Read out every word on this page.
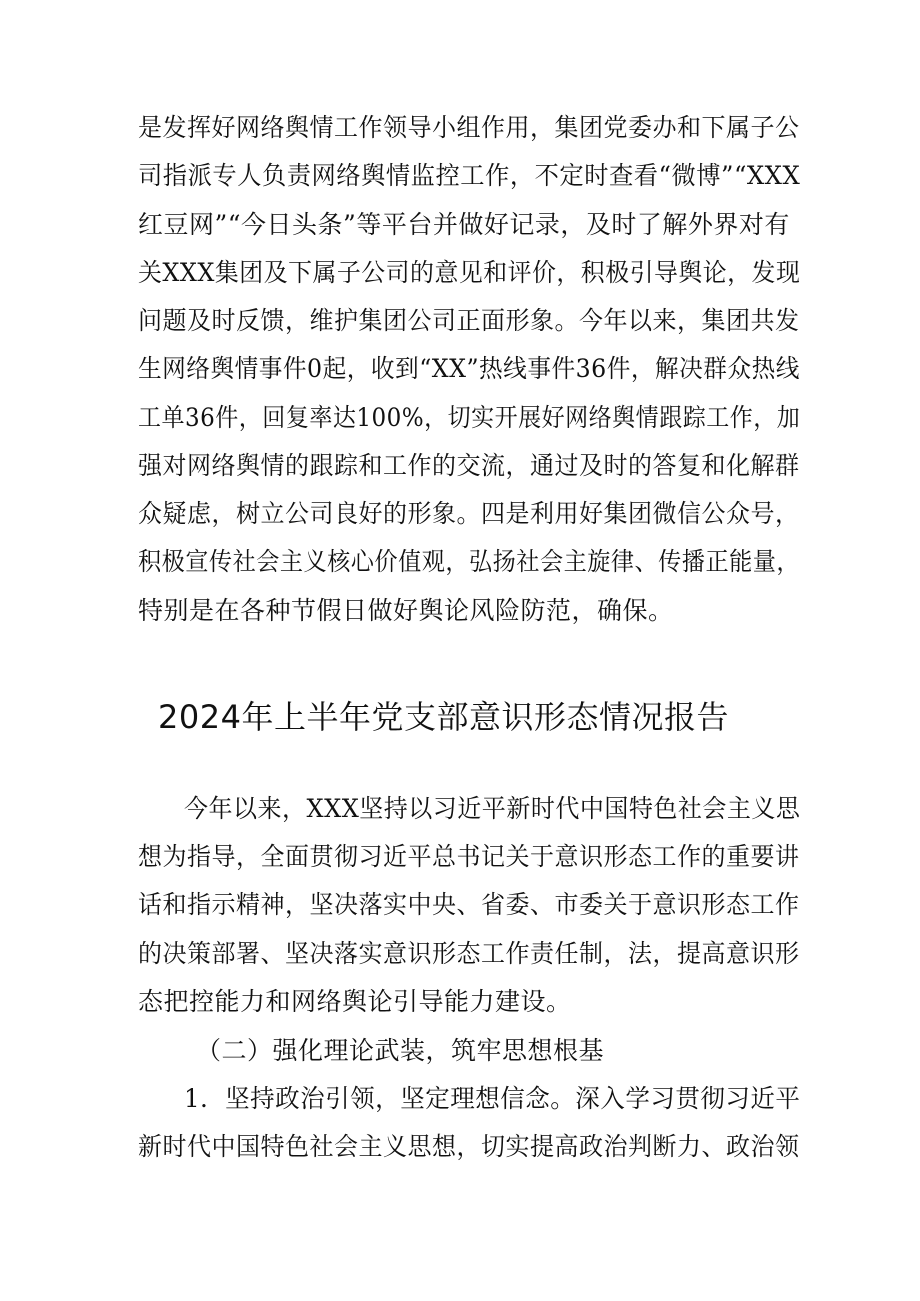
是发挥好网络舆情工作领导小组作用，集团党委办和下属子公
司指派专人负责网络舆情监控工作，不定时查看“微博”“XXX
红豆网”“今日头条”等平台并做好记录，及时了解外界对有
关XXX集团及下属子公司的意见和评价，积极引导舆论，发现
问题及时反馈，维护集团公司正面形象。今年以来，集团共发
生网络舆情事件0起，收到“XX”热线事件36件，解决群众热线
工单36件，回复率达100%，切实开展好网络舆情跟踪工作，加
强对网络舆情的跟踪和工作的交流，通过及时的答复和化解群
众疑虑，树立公司良好的形象。四是利用好集团微信公众号，
积极宣传社会主义核心价值观，弘扬社会主旋律、传播正能量，
特别是在各种节假日做好舆论风险防范，确保。
2024年上半年党支部意识形态情况报告
今年以来，XXX坚持以习近平新时代中国特色社会主义思
想为指导，全面贯彻习近平总书记关于意识形态工作的重要讲
话和指示精神，坚决落实中央、省委、市委关于意识形态工作
的决策部署、坚决落实意识形态工作责任制，法，提高意识形
态把控能力和网络舆论引导能力建设。
（二）强化理论武装，筑牢思想根基
1．坚持政治引领，坚定理想信念。深入学习贯彻习近平
新时代中国特色社会主义思想，切实提高政治判断力、政治领
